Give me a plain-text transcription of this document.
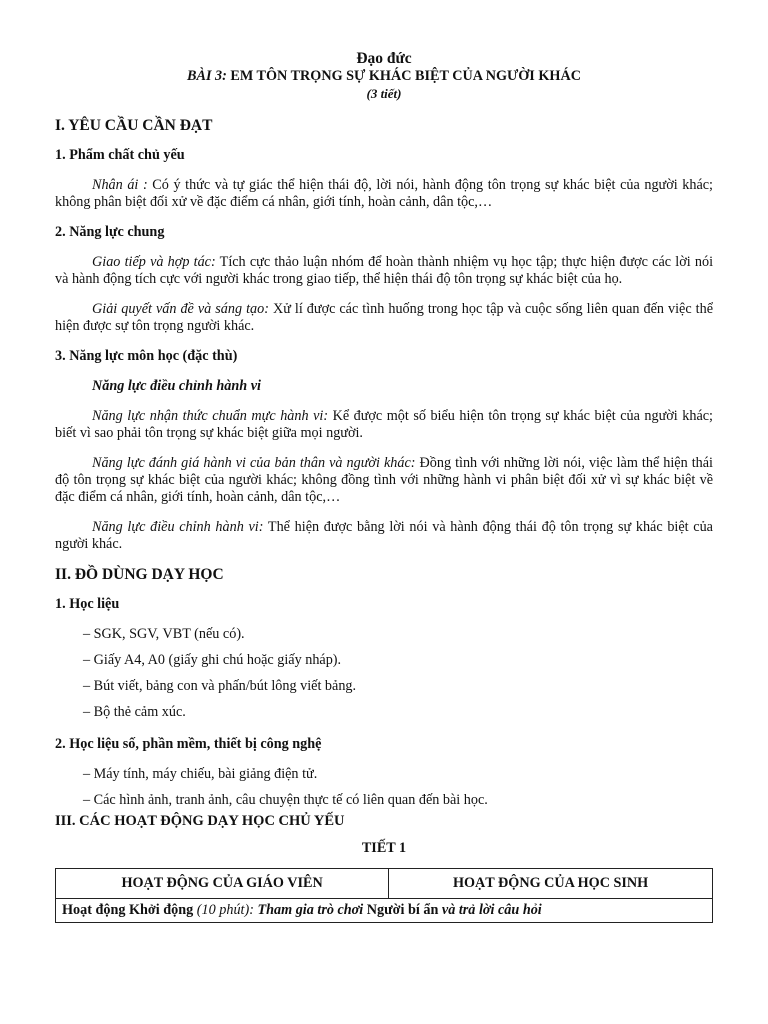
Đạo đức
BÀI 3: EM TÔN TRỌNG SỰ KHÁC BIỆT CỦA NGƯỜI KHÁC
(3 tiết)
I. YÊU CẦU CẦN ĐẠT
1. Phẩm chất chủ yếu

Nhân ái : Có ý thức và tự giác thể hiện thái độ, lời nói, hành động tôn trọng sự khác biệt của người khác; không phân biệt đối xử về đặc điểm cá nhân, giới tính, hoàn cảnh, dân tộc,…

2. Năng lực chung

Giao tiếp và hợp tác: Tích cực thảo luận nhóm để hoàn thành nhiệm vụ học tập; thực hiện được các lời nói và hành động tích cực với người khác trong giao tiếp, thể hiện thái độ tôn trọng sự khác biệt của họ.

Giải quyết vấn đề và sáng tạo: Xử lí được các tình huống trong học tập và cuộc sống liên quan đến việc thể hiện được sự tôn trọng người khác.

3. Năng lực môn học (đặc thù)

Năng lực điều chỉnh hành vi

Năng lực nhận thức chuẩn mực hành vi: Kể được một số biểu hiện tôn trọng sự khác biệt của người khác; biết vì sao phải tôn trọng sự khác biệt giữa mọi người.

Năng lực đánh giá hành vi của bản thân và người khác: Đồng tình với những lời nói, việc làm thể hiện thái độ tôn trọng sự khác biệt của người khác; không đồng tình với những hành vi phân biệt đối xử vì sự khác biệt về đặc điểm cá nhân, giới tính, hoàn cảnh, dân tộc,…

Năng lực điều chỉnh hành vi: Thể hiện được bằng lời nói và hành động thái độ tôn trọng sự khác biệt của người khác.

II. ĐỒ DÙNG DẠY HỌC
1. Học liệu

– SGK, SGV, VBT (nếu có).

– Giấy A4, A0 (giấy ghi chú hoặc giấy nháp).

– Bút viết, bảng con và phấn/bút lông viết bảng.

– Bộ thẻ cảm xúc.

2. Học liệu số, phần mềm, thiết bị công nghệ

– Máy tính, máy chiếu, bài giảng điện tử.

– Các hình ảnh, tranh ảnh, câu chuyện thực tế có liên quan đến bài học.

III. CÁC HOẠT ĐỘNG DẠY HỌC CHỦ YẾU
TIẾT 1
HOẠT ĐỘNG CỦA GIÁO VIÊN	HOẠT ĐỘNG CỦA HỌC SINH
Hoạt động Khởi động (10 phút): Tham gia trò chơi Người bí ẩn và trả lời câu hỏi
